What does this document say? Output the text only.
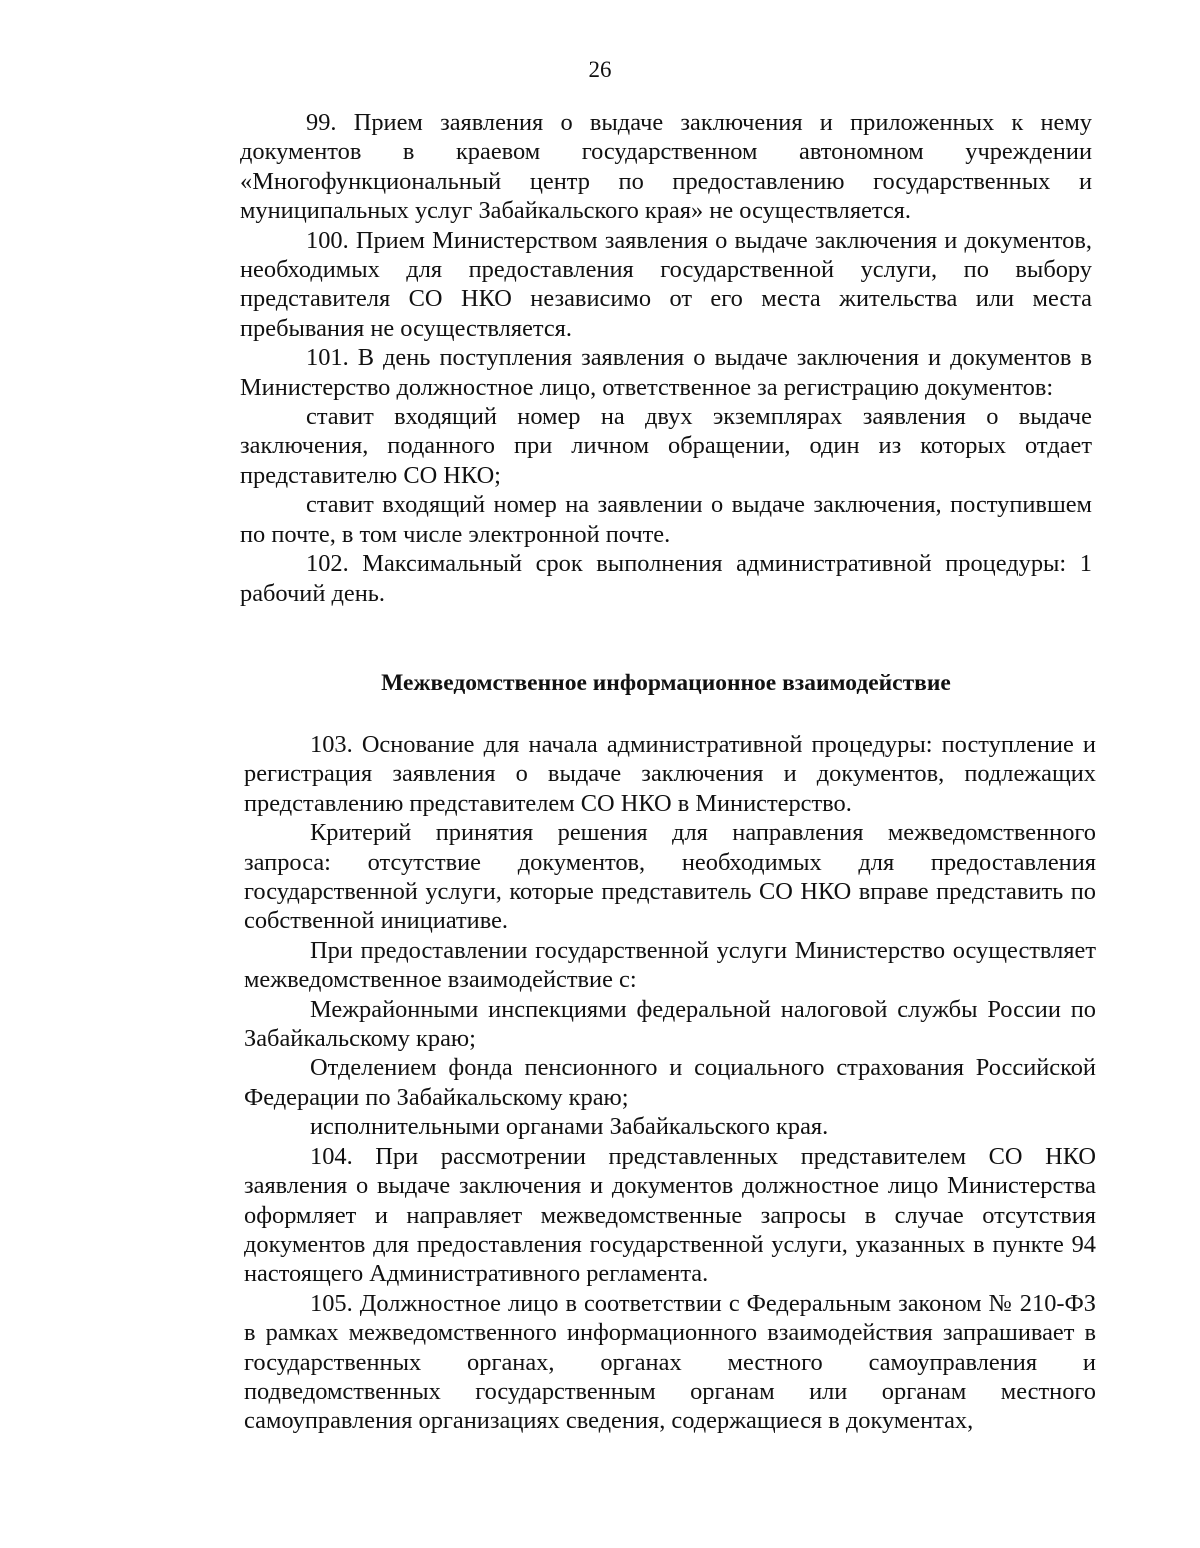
26

99. Прием заявления о выдаче заключения и приложенных к нему документов в краевом государственном автономном учреждении «Многофункциональный центр по предоставлению государственных и муниципальных услуг Забайкальского края» не осуществляется.

100. Прием Министерством заявления о выдаче заключения и документов, необходимых для предоставления государственной услуги, по выбору представителя СО НКО независимо от его места жительства или места пребывания не осуществляется.

101. В день поступления заявления о выдаче заключения и документов в Министерство должностное лицо, ответственное за регистрацию документов:

ставит входящий номер на двух экземплярах заявления о выдаче заключения, поданного при личном обращении, один из которых отдает представителю СО НКО;

ставит входящий номер на заявлении о выдаче заключения, поступившем по почте, в том числе электронной почте.

102. Максимальный срок выполнения административной процедуры: 1 рабочий день.

Межведомственное информационное взаимодействие

103. Основание для начала административной процедуры: поступление и регистрация заявления о выдаче заключения и документов, подлежащих представлению представителем СО НКО в Министерство.

Критерий принятия решения для направления межведомственного запроса: отсутствие документов, необходимых для предоставления государственной услуги, которые представитель СО НКО вправе представить по собственной инициативе.

При предоставлении государственной услуги Министерство осуществляет межведомственное взаимодействие с:

Межрайонными инспекциями федеральной налоговой службы России по Забайкальскому краю;

Отделением фонда пенсионного и социального страхования Российской Федерации по Забайкальскому краю;

исполнительными органами Забайкальского края.

104. При рассмотрении представленных представителем СО НКО заявления о выдаче заключения и документов должностное лицо Министерства оформляет и направляет межведомственные запросы в случае отсутствия документов для предоставления государственной услуги, указанных в пункте 94 настоящего Административного регламента.

105. Должностное лицо в соответствии с Федеральным законом № 210-ФЗ в рамках межведомственного информационного взаимодействия запрашивает в государственных органах, органах местного самоуправления и подведомственных государственным органам или органам местного самоуправления организациях сведения, содержащиеся в документах,
